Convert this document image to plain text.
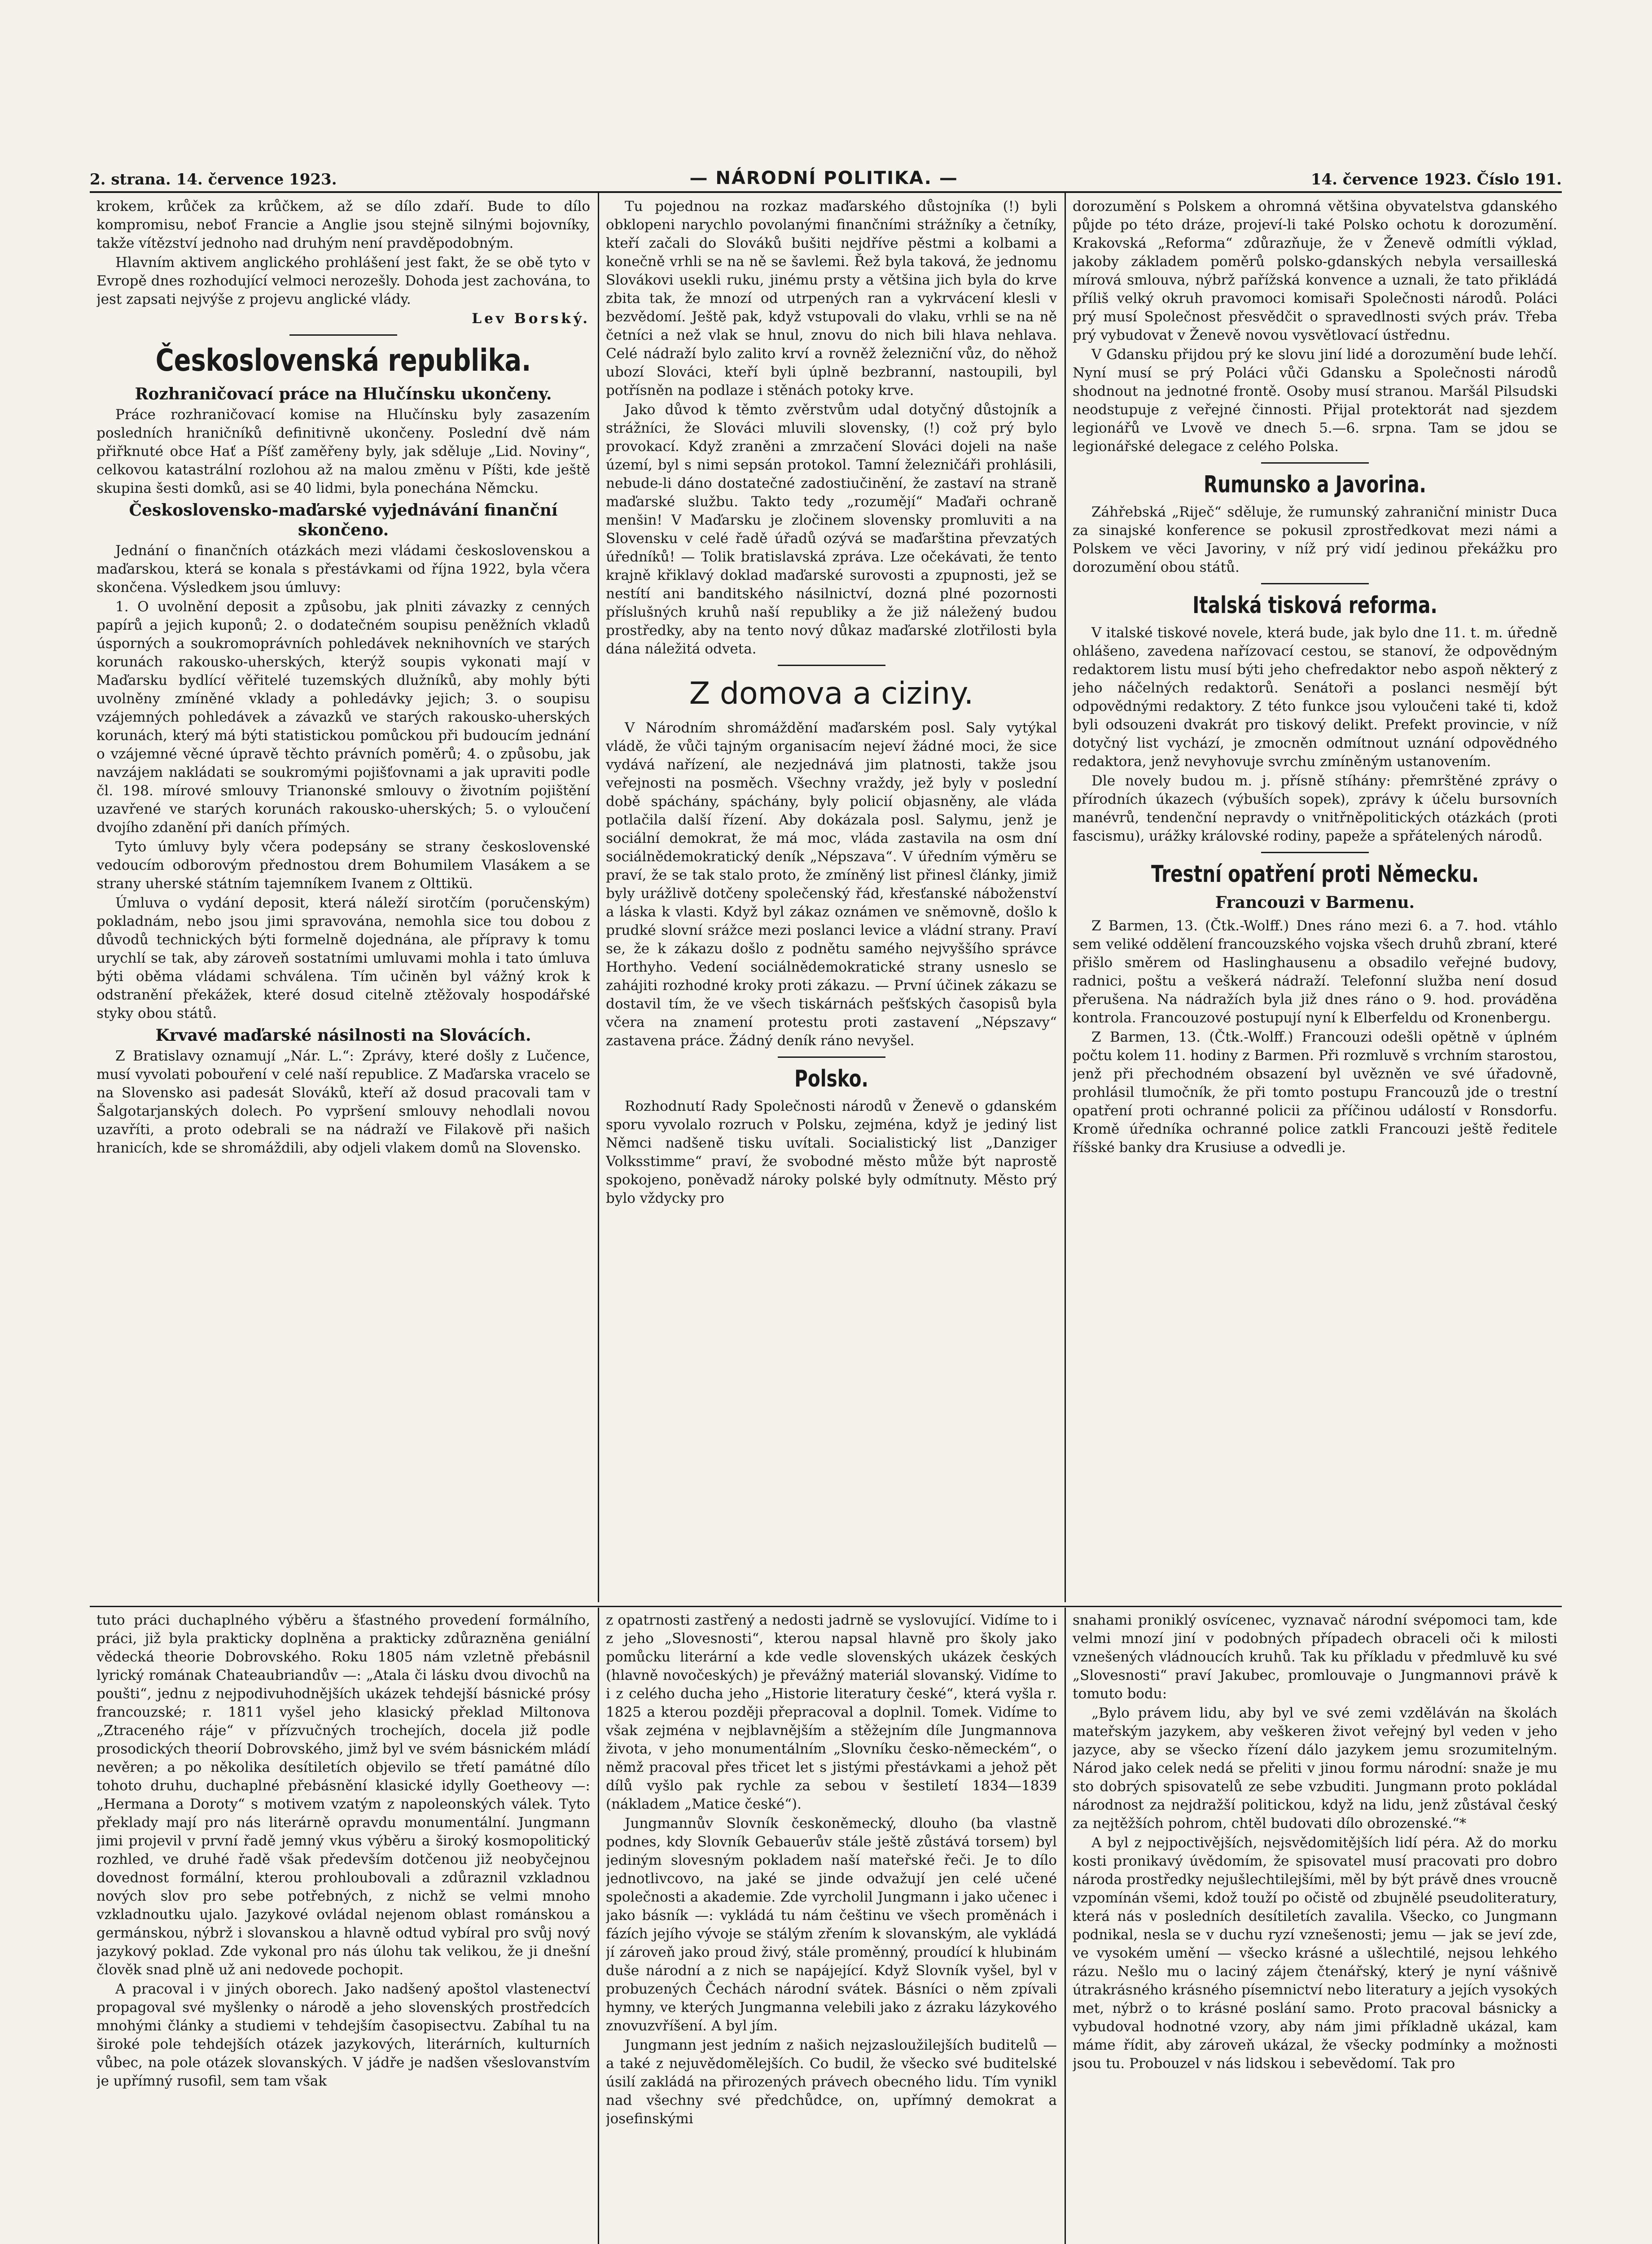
2. strana. 14. července 1923.	— NÁRODNÍ POLITIKA. —	14. července 1923. Číslo 191.

krokem, krůček za krůčkem, až se dílo zdaří. Bude to dílo kompromisu, neboť Francie a Anglie jsou stejně silnými bojovníky, takže vítězství jednoho nad druhým není pravděpodobným.

Hlavním aktivem anglického prohlášení jest fakt, že se obě tyto v Evropě dnes rozhodující velmoci nerozešly. Dohoda jest zachována, to jest zapsati nejvýše z projevu anglické vlády.

Lev Borský.
Československá republika.
Rozhraničovací práce na Hlučínsku ukončeny.

Práce rozhraničovací komise na Hlučínsku byly zasazením posledních hraničníků definitivně ukončeny. Poslední dvě nám přiřknuté obce Hať a Píšť zaměřeny byly, jak sděluje „Lid. Noviny“, celkovou katastrální rozlohou až na malou změnu v Píšti, kde ještě skupina šesti domků, asi se 40 lidmi, byla ponechána Němcku.

Československo-maďarské vyjednávání finanční skončeno.

Jednání o finančních otázkách mezi vládami československou a maďarskou, která se konala s přestávkami od října 1922, byla včera skončena. Výsledkem jsou úmluvy:

1. O uvolnění deposit a způsobu, jak plniti závazky z cenných papírů a jejich kuponů; 2. o dodatečném soupisu peněžních vkladů úsporných a soukromoprávních pohledávek neknihovních ve starých korunách rakousko-uherských, kterýž soupis vykonati mají v Maďarsku bydlící věřitelé tuzemských dlužníků, aby mohly býti uvolněny zmíněné vklady a pohledávky jejich; 3. o soupisu vzájemných pohledávek a závazků ve starých rakousko-uherských korunách, který má býti statistickou pomůckou při budoucím jednání o vzájemné věcné úpravě těchto právních poměrů; 4. o způsobu, jak navzájem nakládati se soukromými pojišťovnami a jak upraviti podle čl. 198. mírové smlouvy Trianonské smlouvy o životním pojištění uzavřené ve starých korunách rakousko-uherských; 5. o vyloučení dvojího zdanění při daních přímých.

Tyto úmluvy byly včera podepsány se strany československé vedoucím odborovým přednostou drem Bohumilem Vlasákem a se strany uherské státním tajemníkem Ivanem z Olttikü.

Úmluva o vydání deposit, která náleží sirotčím (poručenským) pokladnám, nebo jsou jimi spravována, nemohla sice tou dobou z důvodů technických býti formelně dojednána, ale přípravy k tomu urychlí se tak, aby zároveň sostatními umluvami mohla i tato úmluva býti oběma vládami schválena. Tím učiněn byl vážný krok k odstranění překážek, které dosud citelně ztěžovaly hospodářské styky obou států.

Krvavé maďarské násilnosti na Slovácích.

Z Bratislavy oznamují „Nár. L.“: Zprávy, které došly z Lučence, musí vyvolati pobouření v celé naší republice. Z Maďarska vracelo se na Slovensko asi padesát Slováků, kteří až dosud pracovali tam v Šalgotarjanských dolech. Po vypršení smlouvy nehodlali novou uzavříti, a proto odebrali se na nádraží ve Filakově při našich hranicích, kde se shromáždili, aby odjeli vlakem domů na Slovensko.

Tu pojednou na rozkaz maďarského důstojníka (!) byli obklopeni narychlo povolanými finančními strážníky a četníky, kteří začali do Slováků bušiti nejdříve pěstmi a kolbami a konečně vrhli se na ně se šavlemi. Řež byla taková, že jednomu Slovákovi usekli ruku, jinému prsty a většina jich byla do krve zbita tak, že mnozí od utrpených ran a vykrvácení klesli v bezvědomí. Ještě pak, když vstupovali do vlaku, vrhli se na ně četníci a než vlak se hnul, znovu do nich bili hlava nehlava. Celé nádraží bylo zalito krví a rovněž železniční vůz, do něhož ubozí Slováci, kteří byli úplně bezbranní, nastoupili, byl potřísněn na podlaze i stěnách potoky krve.

Jako důvod k těmto zvěrstvům udal dotyčný důstojník a strážníci, že Slováci mluvili slovensky, (!) což prý bylo provokací. Když zraněni a zmrzačení Slováci dojeli na naše území, byl s nimi sepsán protokol. Tamní železničáři prohlásili, nebude-li dáno dostatečné zadostiučinění, že zastaví na straně maďarské službu. Takto tedy „rozumějí“ Maďaři ochraně menšin! V Maďarsku je zločinem slovensky promluviti a na Slovensku v celé řadě úřadů ozývá se maďarština převzatých úředníků! — Tolik bratislavská zpráva. Lze očekávati, že tento krajně křiklavý doklad maďarské surovosti a zpupnosti, jež se nestítí ani banditského násilnictví, dozná plné pozornosti příslušných kruhů naší republiky a že již náležený budou prostředky, aby na tento nový důkaz maďarské zlotřilosti byla dána náležitá odveta.

Z domova a ciziny.

V Národním shromáždění maďarském posl. Saly vytýkal vládě, že vůči tajným organisacím nejeví žádné moci, že sice vydává nařízení, ale nezjednává jim platnosti, takže jsou veřejnosti na posměch. Všechny vraždy, jež byly v poslední době spáchány, spáchány, byly policií objasněny, ale vláda potlačila další řízení. Aby dokázala posl. Salymu, jenž je sociální demokrat, že má moc, vláda zastavila na osm dní sociálnědemokratický deník „Népszava“. V úředním výměru se praví, že se tak stalo proto, že zmíněný list přinesl články, jimiž byly urážlivě dotčeny společenský řád, křesťanské náboženství a láska k vlasti. Když byl zákaz oznámen ve sněmovně, došlo k prudké slovní srážce mezi poslanci levice a vládní strany. Praví se, že k zákazu došlo z podnětu samého nejvyššího správce Horthyho. Vedení sociálnědemokratické strany usneslo se zahájiti rozhodné kroky proti zákazu. — První účinek zákazu se dostavil tím, že ve všech tiskárnách pešťských časopisů byla včera na znamení protestu proti zastavení „Népszavy“ zastavena práce. Žádný deník ráno nevyšel.

Polsko.

Rozhodnutí Rady Společnosti národů v Ženevě o gdanském sporu vyvolalo rozruch v Polsku, zejména, když je jediný list Němci nadšeně tisku uvítali. Socialistický list „Danziger Volksstimme“ praví, že svobodné město může být naprostě spokojeno, poněvadž nároky polské byly odmítnuty. Město prý bylo vždycky pro

dorozumění s Polskem a ohromná většina obyvatelstva gdanského půjde po této dráze, projeví-li také Polsko ochotu k dorozumění. Krakovská „Reforma“ zdůrazňuje, že v Ženevě odmítli výklad, jakoby základem poměrů polsko-gdanských nebyla versailleská mírová smlouva, nýbrž pařížská konvence a uznali, že tato přikládá příliš velký okruh pravomoci komisaři Společnosti národů. Poláci prý musí Společnost přesvědčit o spravedlnosti svých práv. Třeba prý vybudovat v Ženevě novou vysvětlovací ústřednu.

V Gdansku přijdou prý ke slovu jiní lidé a dorozumění bude lehčí. Nyní musí se prý Poláci vůči Gdansku a Společnosti národů shodnout na jednotné frontě. Osoby musí stranou. Maršál Pilsudski neodstupuje z veřejné činnosti. Přijal protektorát nad sjezdem legionářů ve Lvově ve dnech 5.—6. srpna. Tam se jdou se legionářské delegace z celého Polska.

Rumunsko a Javorina.

Záhřebská „Riječ“ sděluje, že rumunský zahraniční ministr Duca za sinajské konference se pokusil zprostředkovat mezi námi a Polskem ve věci Javoriny, v níž prý vidí jedinou překážku pro dorozumění obou států.

Italská tisková reforma.

V italské tiskové novele, která bude, jak bylo dne 11. t. m. úředně ohlášeno, zavedena nařízovací cestou, se stanoví, že odpovědným redaktorem listu musí býti jeho chefredaktor nebo aspoň některý z jeho náčelných redaktorů. Senátoři a poslanci nesmějí být odpovědnými redaktory. Z této funkce jsou vyloučeni také ti, kdož byli odsouzeni dvakrát pro tiskový delikt. Prefekt provincie, v níž dotyčný list vychází, je zmocněn odmítnout uznání odpovědného redaktora, jenž nevyhovuje svrchu zmíněným ustanovením.

Dle novely budou m. j. přísně stíhány: přemrštěné zprávy o přírodních úkazech (výbuších sopek), zprávy k účelu bursovních manévrů, tendenční nepravdy o vnitřněpolitických otázkách (proti fascismu), urážky královské rodiny, papeže a spřátelených národů.

Trestní opatření proti Německu.
Francouzi v Barmenu.

Z Barmen, 13. (Čtk.-Wolff.) Dnes ráno mezi 6. a 7. hod. vtáhlo sem veliké oddělení francouzského vojska všech druhů zbraní, které přišlo směrem od Haslinghausenu a obsadilo veřejné budovy, radnici, poštu a veškerá nádraží. Telefonní služba není dosud přerušena. Na nádražích byla již dnes ráno o 9. hod. prováděna kontrola. Francouzové postupují nyní k Elberfeldu od Kronenbergu.

Z Barmen, 13. (Čtk.-Wolff.) Francouzi odešli opětně v úplném počtu kolem 11. hodiny z Barmen. Při rozmluvě s vrchním starostou, jenž při přechodném obsazení byl uvězněn ve své úřadovně, prohlásil tlumočník, že při tomto postupu Francouzů jde o trestní opatření proti ochranné policii za příčinou událostí v Ronsdorfu. Kromě úředníka ochranné police zatkli Francouzi ještě ředitele říšské banky dra Krusiuse a odvedli je.

tuto práci duchaplného výběru a šťastného provedení formálního, práci, již byla prakticky doplněna a prakticky zdůrazněna geniální vědecká theorie Dobrovského. Roku 1805 nám vzletně přebásnil lyrický romának Chateaubriandův —: „Atala či lásku dvou divochů na poušti“, jednu z nejpodivuhodnějších ukázek tehdejší básnické prósy francouzské; r. 1811 vyšel jeho klasický překlad Miltonova „Ztraceného ráje“ v přízvučných trochejích, docela již podle prosodických theorií Dobrovského, jimž byl ve svém básnickém mládí nevěren; a po několika desítiletích objevilo se třetí památné dílo tohoto druhu, duchaplné přebásnění klasické idylly Goetheovy —: „Hermana a Doroty“ s motivem vzatým z napoleonských válek. Tyto překlady mají pro nás literárně opravdu monumentální. Jungmann jimi projevil v první řadě jemný vkus výběru a široký kosmopolitický rozhled, ve druhé řadě však především dotčenou již neobyčejnou dovednost formální, kterou prohloubovali a zdůraznil vzkladnou nových slov pro sebe potřebných, z nichž se velmi mnoho vzkladnoutku ujalo. Jazykové ovládal nejenom oblast románskou a germánskou, nýbrž i slovanskou a hlavně odtud vybíral pro svůj nový jazykový poklad. Zde vykonal pro nás úlohu tak velikou, že ji dnešní člověk snad plně už ani nedovede pochopit.

A pracoval i v jiných oborech. Jako nadšený apoštol vlastenectví propagoval své myšlenky o národě a jeho slovenských prostředcích mnohými články a studiemi v tehdejším časopisectvu. Zabíhal tu na široké pole tehdejších otázek jazykových, literárních, kulturních vůbec, na pole otázek slovanských. V jádře je nadšen všeslovanstvím je upřímný rusofil, sem tam však

z opatrnosti zastřený a nedosti jadrně se vyslovující. Vidíme to i z jeho „Slovesnosti“, kterou napsal hlavně pro školy jako pomůcku literární a kde vedle slovenských ukázek českých (hlavně novočeských) je převážný materiál slovanský. Vidíme to i z celého ducha jeho „Historie literatury české“, která vyšla r. 1825 a kterou později přepracoval a doplnil. Tomek. Vidíme to však zejména v nejblavnějším a stěžejním díle Jungmannova života, v jeho monumentálním „Slovníku česko-německém“, o němž pracoval přes třicet let s jistými přestávkami a jehož pět dílů vyšlo pak rychle za sebou v šestiletí 1834—1839 (nákladem „Matice české“).

Jungmannův Slovník českoněmecký, dlouho (ba vlastně podnes, kdy Slovník Gebauerův stále ještě zůstává torsem) byl jediným slovesným pokladem naší mateřské řeči. Je to dílo jednotlivcovo, na jaké se jinde odvažují jen celé učené společnosti a akademie. Zde vyrcholil Jungmann i jako učenec i jako básník —: vykládá tu nám češtinu ve všech proměnách i fázích jejího vývoje se stálým zřením k slovanským, ale vykládá jí zároveň jako proud živý, stále proměnný, proudící k hlubinám duše národní a z nich se napájející. Když Slovník vyšel, byl v probuzených Čechách národní svátek. Básníci o něm zpívali hymny, ve kterých Jungmanna velebili jako z ázraku lázykového znovuzvříšení. A byl jím.

Jungmann jest jedním z našich nejzasloužilejších buditelů — a také z nejuvědomělejších. Co budil, že všecko své buditelské úsilí zakládá na přirozených právech obecného lidu. Tím vynikl nad všechny své předchůdce, on, upřímný demokrat a josefinskými

snahami proniklý osvícenec, vyznavač národní svépomoci tam, kde velmi mnozí jiní v podobných případech obraceli oči k milosti vznešených vládnoucích kruhů. Tak ku příkladu v předmluvě ku své „Slovesnosti“ praví Jakubec, promlouvaje o Jungmannovi právě k tomuto bodu:

„Bylo právem lidu, aby byl ve své zemi vzděláván na školách mateřským jazykem, aby veškeren život veřejný byl veden v jeho jazyce, aby se všecko řízení dálo jazykem jemu srozumitelným. Národ jako celek nedá se přeliti v jinou formu národní: snaže je mu sto dobrých spisovatelů ze sebe vzbuditi. Jungmann proto pokládal národnost za nejdražší politickou, když na lidu, jenž zůstával český za nejtěžších pohrom, chtěl budovati dílo obrozenské.“*

A byl z nejpoctivějších, nejsvědomitějších lidí péra. Až do morku kosti pronikavý úvědomím, že spisovatel musí pracovati pro dobro národa prostředky nejušlechtilejšími, měl by být právě dnes vroucně vzpomínán všemi, kdož touží po očistě od zbujnělé pseudoliteratury, která nás v posledních desítiletích zavalila. Všecko, co Jungmann podnikal, nesla se v duchu ryzí vznešenosti; jemu — jak se jeví zde, ve vysokém umění — všecko krásné a ušlechtilé, nejsou lehkého rázu. Nešlo mu o laciný zájem čtenářský, který je nyní vášnivě útrakrásného krásného písemnictví nebo literatury a jejích vysokých met, nýbrž o to krásné poslání samo. Proto pracoval básnicky a vybudoval hodnotné vzory, aby nám jimi příkladně ukázal, kam máme řídit, aby zároveň ukázal, že všecky podmínky a možnosti jsou tu. Probouzel v nás lidskou i sebevědomí. Tak pro
